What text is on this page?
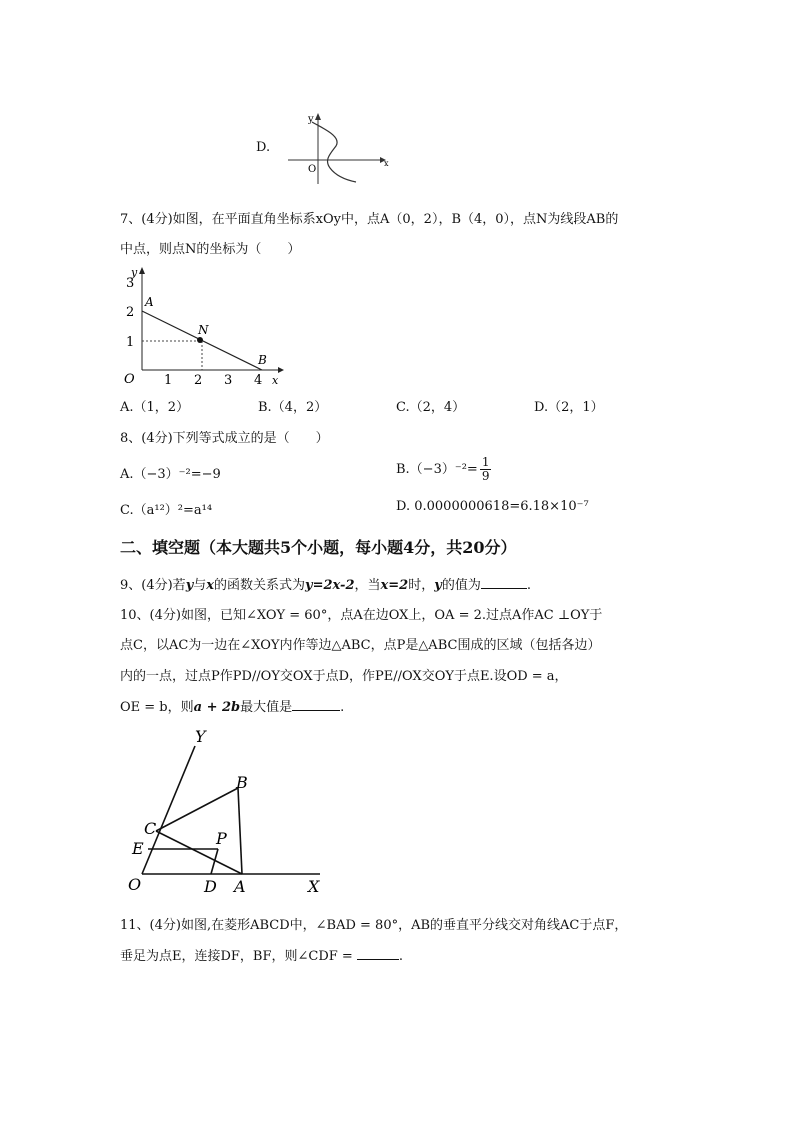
D.
y
O
x
7、(4分)如图，在平面直角坐标系xOy中，点A（0，2），B（4，0），点N为线段AB的
中点，则点N的坐标为（　　）
y
x
O
A
N
B
3
2
1
1 2 3 4
A.（1，2）	B.（4，2）	C.（2，4）	D.（2，1）
8、(4分)下列等式成立的是（　　）
A.（−3）⁻²=−9	$B.(-3)^{-2}= \frac{1}{9}$
C.（a¹²）²=a¹⁴	D. 0.0000000618=6.18×10⁻⁷
二、填空题（本大题共5个小题，每小题4分，共20分）
9、(4分)若y与x的函数关系式为y=2x-2，当x=2时，y的值为	.
10、(4分)如图，已知∠XOY = 60°，点A在边OX上，OA = 2.过点A作AC ⊥OY于
点C，以AC为一边在∠XOY内作等边△ABC，点P是△ABC围成的区域（包括各边）
内的一点，过点P作PD//OY交OX于点D，作PE//OX交OY于点E.设OD = a，
OE = b，则a + 2b最大值是	.
Y
B
C
P
E
O	D A	X
11、(4分)如图,在菱形ABCD中，∠BAD = 80°，AB的垂直平分线交对角线AC于点F，
垂足为点E，连接DF，BF，则∠CDF =	.
